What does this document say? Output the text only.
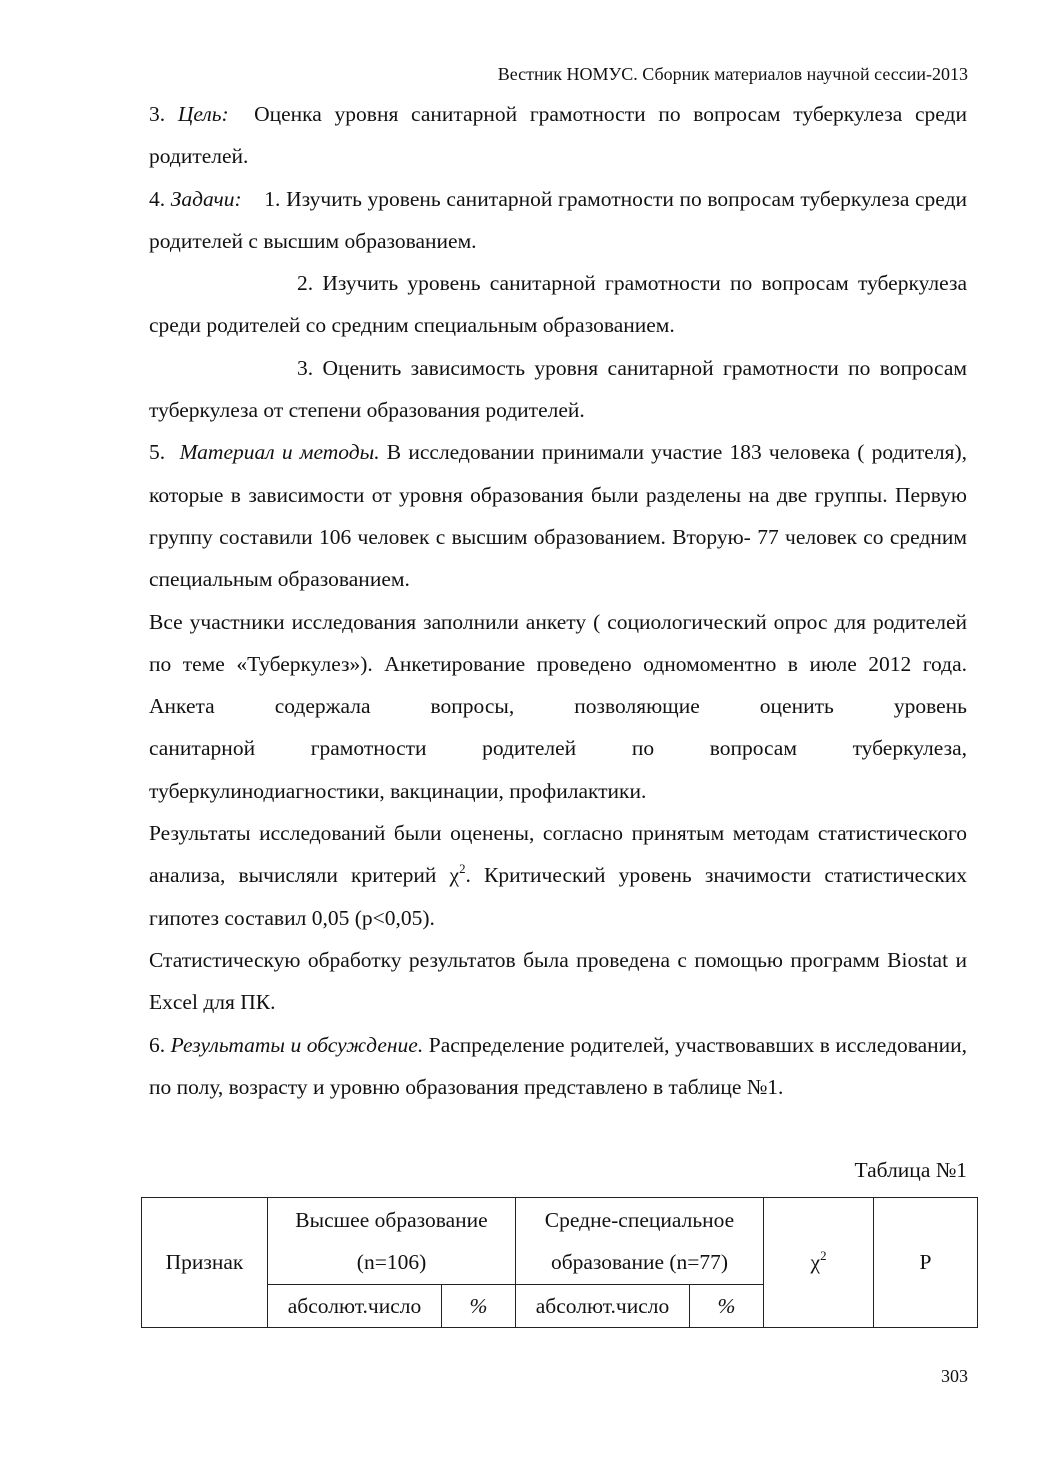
Вестник НОМУС. Сборник материалов научной сессии-2013

3. Цель: Оценка уровня санитарной грамотности по вопросам туберкулеза среди родителей.

4. Задачи: 1. Изучить уровень санитарной грамотности по вопросам туберкулеза среди родителей с высшим образованием.

2. Изучить уровень санитарной грамотности по вопросам туберкулеза среди родителей со средним специальным образованием.

3. Оценить зависимость уровня санитарной грамотности по вопросам туберкулеза от степени образования родителей.

5. Материал и методы. В исследовании принимали участие 183 человека ( родителя), которые в зависимости от уровня образования были разделены на две группы. Первую группу составили 106 человек с высшим образованием. Вторую- 77 человек со средним специальным образованием.

Все участники исследования заполнили анкету ( социологический опрос для родителей по теме «Туберкулез»). Анкетирование проведено одномоментно в июле 2012 года. Анкета содержала вопросы, позволяющие оценить уровень

санитарной грамотности родителей по вопросам туберкулеза,

туберкулинодиагностики, вакцинации, профилактики.

Результаты исследований были оценены, согласно принятым методам статистического анализа, вычисляли критерий $\chi^2$. Критический уровень значимости статистических гипотез составил 0,05 (p<0,05).

Статистическую обработку результатов была проведена с помощью программ Biostat и Excel для ПК.

6. Результаты и обсуждение. Распределение родителей, участвовавших в исследовании, по полу, возрасту и уровню образования представлено в таблице №1.

Таблица №1
Признак	Высшее образование (n=106)		Средне-специальное образование (n=77)		$\chi^2$	Р
	абсолют.число	%	абсолют.число	%		
303
